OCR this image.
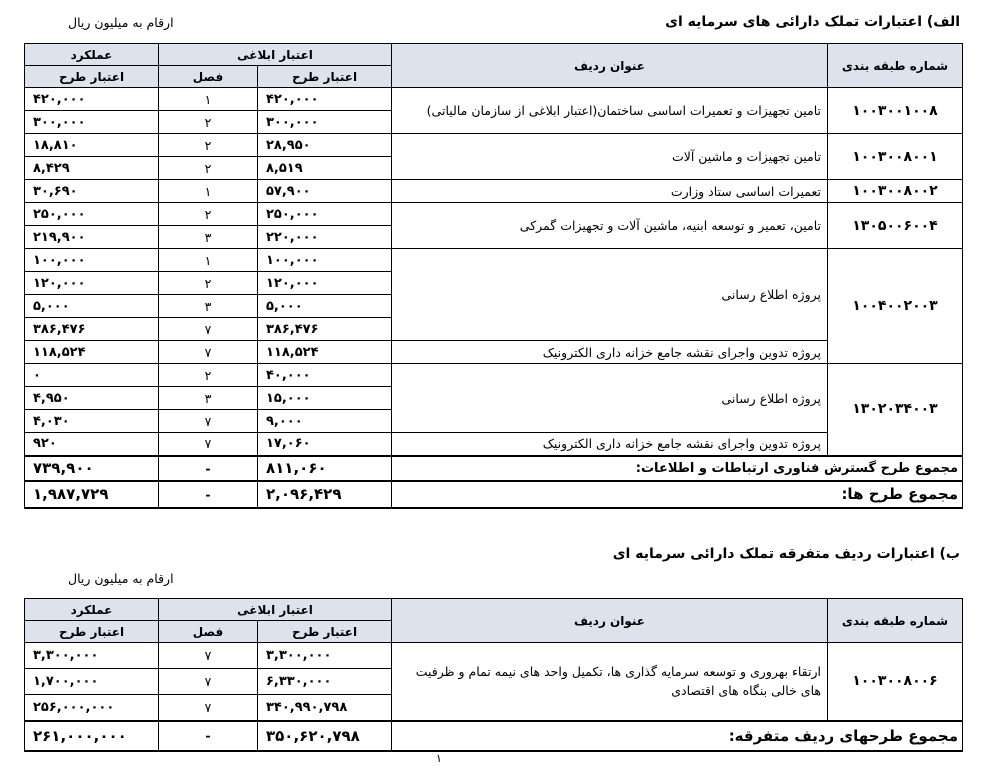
الف) اعتبارات تملک دارائی های سرمایه ای
ارقام به میلیون ریال
شماره طبقه بندی	عنوان ردیف	اعتبار ابلاغی		عملکرد
		اعتبار طرح	فصل	اعتبار طرح
۱۰۰۳۰۰۱۰۰۸	تامین تجهیزات و تعمیرات اساسی ساختمان(اعتبار ابلاغی از سازمان مالیاتی)	۴۲۰,۰۰۰	۱	۴۲۰,۰۰۰
		۳۰۰,۰۰۰	۲	۳۰۰,۰۰۰
۱۰۰۳۰۰۸۰۰۱	تامین تجهیزات و ماشین آلات	۲۸,۹۵۰	۲	۱۸,۸۱۰
		۸,۵۱۹	۲	۸,۴۲۹
۱۰۰۳۰۰۸۰۰۲	تعمیرات اساسی ستاد وزارت	۵۷,۹۰۰	۱	۳۰,۶۹۰
۱۳۰۵۰۰۶۰۰۴	تامین، تعمیر و توسعه ابنیه، ماشین آلات و تجهیزات گمرکی	۲۵۰,۰۰۰	۲	۲۵۰,۰۰۰
		۲۲۰,۰۰۰	۳	۲۱۹,۹۰۰
۱۰۰۴۰۰۲۰۰۳	پروژه اطلاع رسانی	۱۰۰,۰۰۰	۱	۱۰۰,۰۰۰
		۱۲۰,۰۰۰	۲	۱۲۰,۰۰۰
		۵,۰۰۰	۳	۵,۰۰۰
		۳۸۶,۴۷۶	۷	۳۸۶,۴۷۶
	پروژه تدوین واجرای نقشه جامع خزانه داری الکترونیک	۱۱۸,۵۲۴	۷	۱۱۸,۵۲۴
۱۳۰۲۰۳۴۰۰۳	پروژه اطلاع رسانی	۴۰,۰۰۰	۲	۰
		۱۵,۰۰۰	۳	۴,۹۵۰
		۹,۰۰۰	۷	۴,۰۳۰
	پروژه تدوین واجرای نقشه جامع خزانه داری الکترونیک	۱۷,۰۶۰	۷	۹۲۰
مجموع طرح گسترش فناوری ارتباطات و اطلاعات:		۸۱۱,۰۶۰	-	۷۳۹,۹۰۰
مجموع طرح ها:		۲,۰۹۶,۴۲۹	-	۱,۹۸۷,۷۲۹
ب) اعتبارات ردیف متفرقه تملک دارائی سرمایه ای
ارقام به میلیون ریال
شماره طبقه بندی	عنوان ردیف	اعتبار ابلاغی		عملکرد
		اعتبار طرح	فصل	اعتبار طرح
۱۰۰۳۰۰۸۰۰۶	ارتقاء بهروری و توسعه سرمایه گذاری ها، تکمیل واحد های نیمه تمام و ظرفیت های خالی بنگاه های اقتصادی	۳,۳۰۰,۰۰۰	۷	۳,۳۰۰,۰۰۰
		۶,۳۳۰,۰۰۰	۷	۱,۷۰۰,۰۰۰
		۳۴۰,۹۹۰,۷۹۸	۷	۲۵۶,۰۰۰,۰۰۰
مجموع طرحهای ردیف متفرقه:		۳۵۰,۶۲۰,۷۹۸	-	۲۶۱,۰۰۰,۰۰۰
۱
